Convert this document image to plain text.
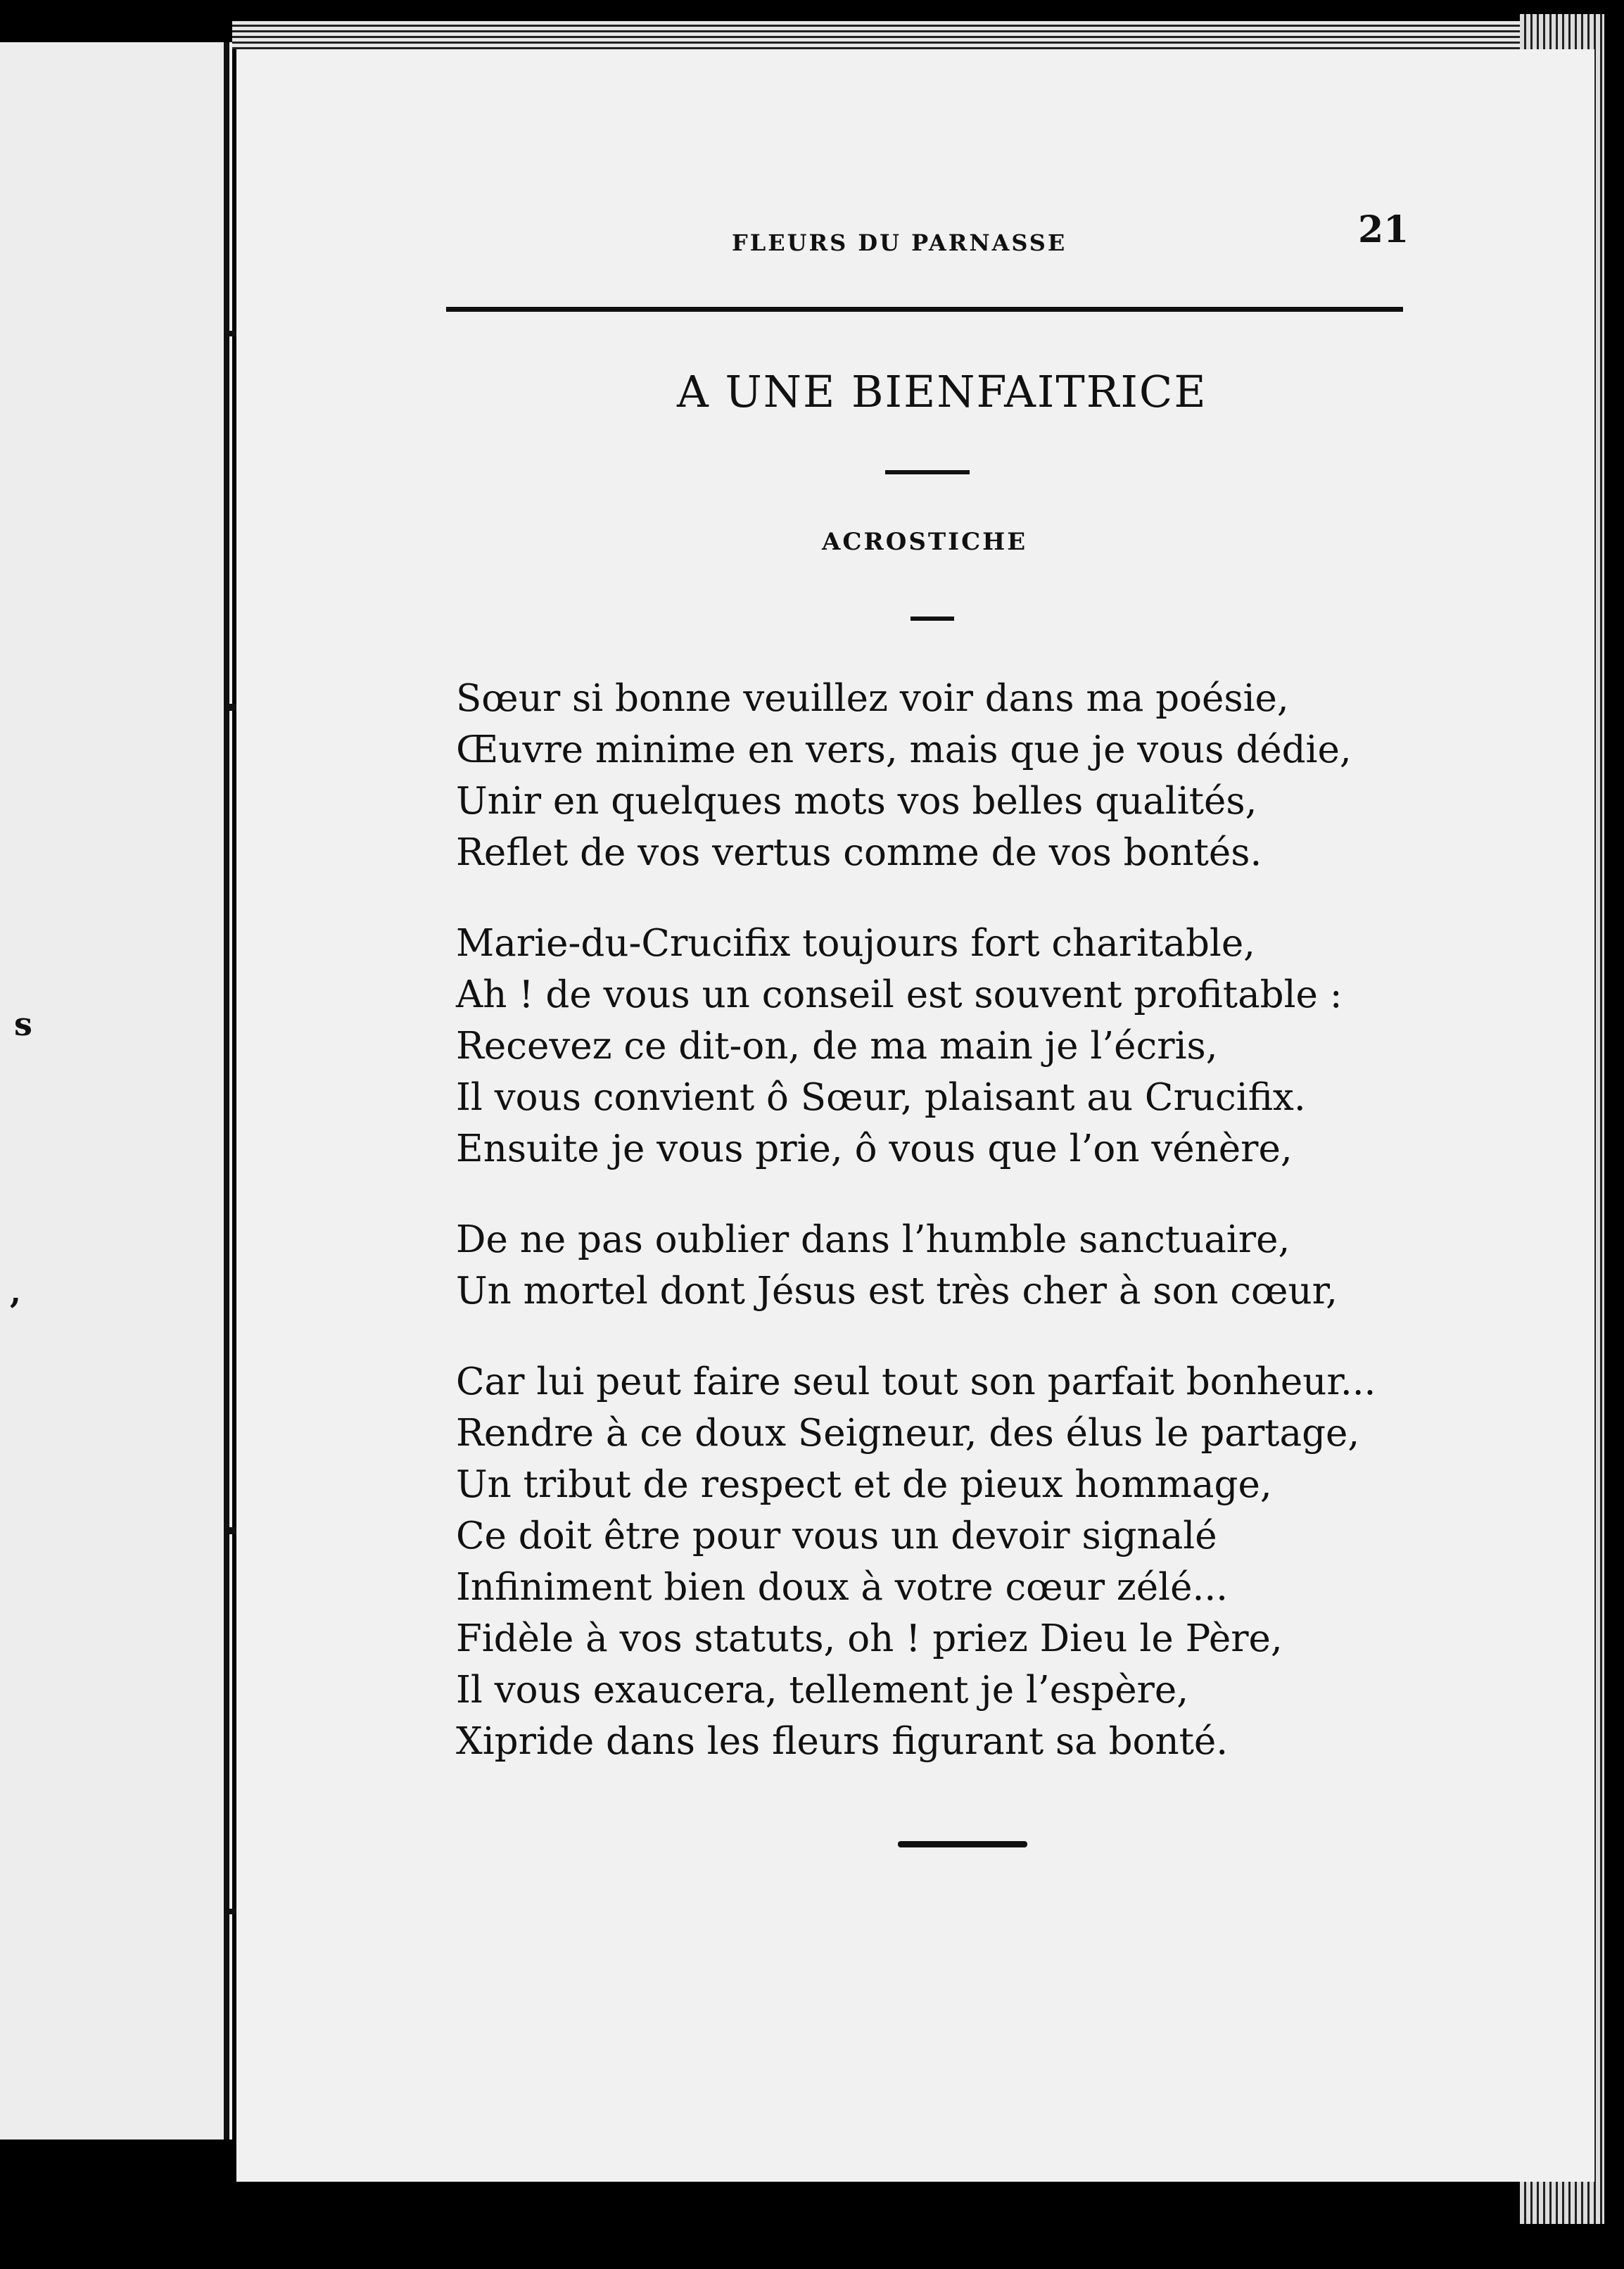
s
,
FLEURS DU PARNASSE	21
A UNE BIENFAITRICE
ACROSTICHE
Sœur si bonne veuillez voir dans ma poésie,
Œuvre minime en vers, mais que je vous dédie,
Unir en quelques mots vos belles qualités,
Reflet de vos vertus comme de vos bontés.
Marie-du-Crucifix toujours fort charitable,
Ah ! de vous un conseil est souvent profitable :
Recevez ce dit-on, de ma main je l’écris,
Il vous convient ô Sœur, plaisant au Crucifix.
Ensuite je vous prie, ô vous que l’on vénère,
De ne pas oublier dans l’humble sanctuaire,
Un mortel dont Jésus est très cher à son cœur,
Car lui peut faire seul tout son parfait bonheur...
Rendre à ce doux Seigneur, des élus le partage,
Un tribut de respect et de pieux hommage,
Ce doit être pour vous un devoir signalé
Infiniment bien doux à votre cœur zélé...
Fidèle à vos statuts, oh ! priez Dieu le Père,
Il vous exaucera, tellement je l’espère,
Xipride dans les fleurs figurant sa bonté.
